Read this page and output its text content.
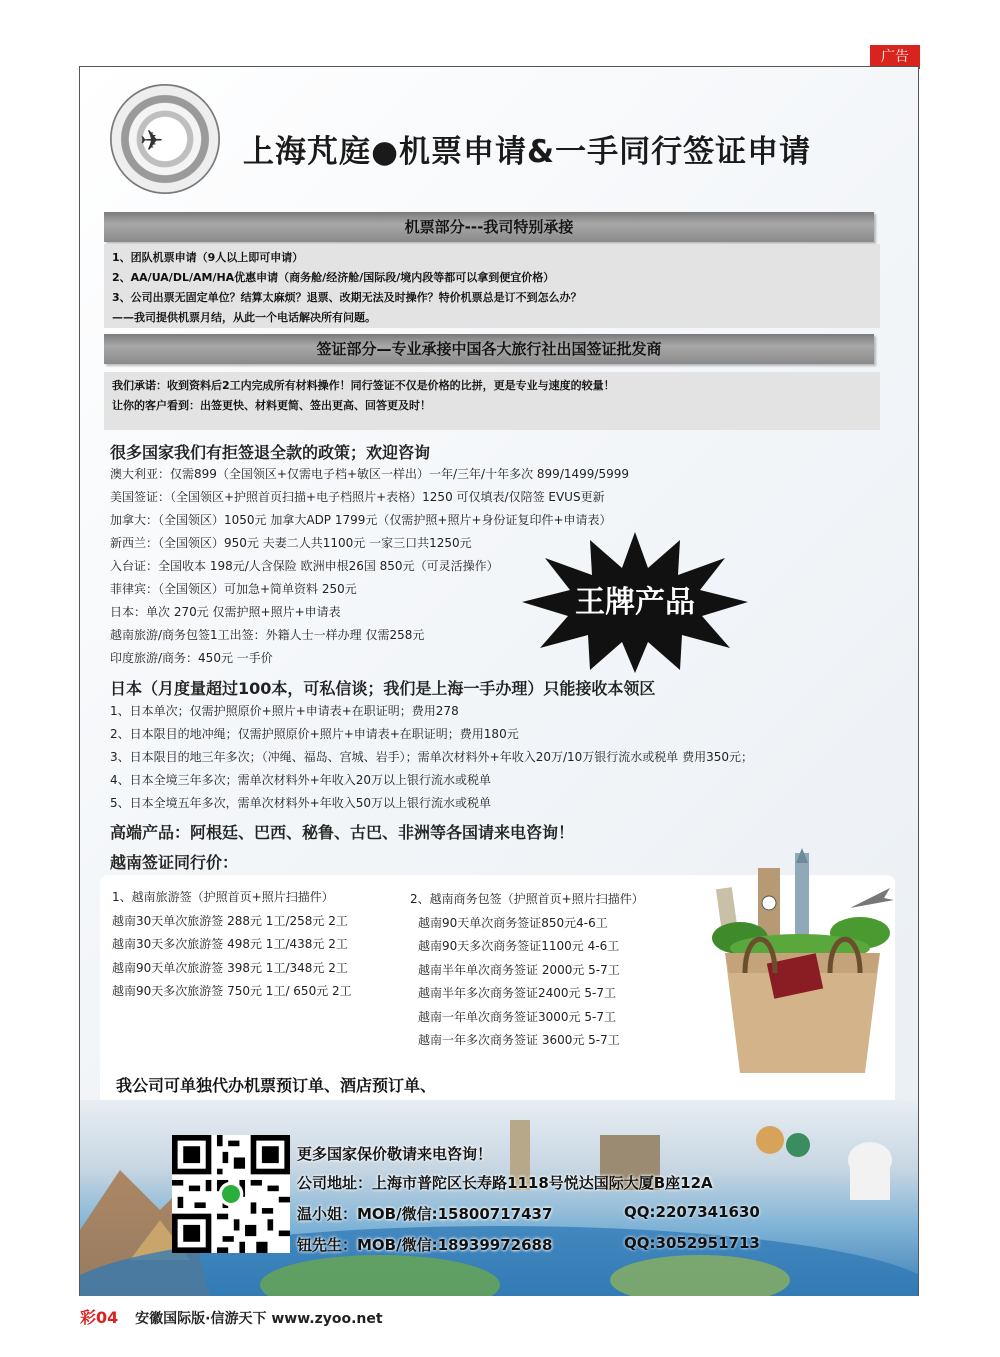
广告
✈	上海芃庭●机票申请&一手同行签证申请
机票部分---我司特别承接
1、团队机票申请（9人以上即可申请）
2、AA/UA/DL/AM/HA优惠申请（商务舱/经济舱/国际段/境内段等都可以拿到便宜价格）
3、公司出票无固定单位？结算太麻烦？退票、改期无法及时操作？特价机票总是订不到怎么办？
——我司提供机票月结，从此一个电话解决所有问题。
签证部分—专业承接中国各大旅行社出国签证批发商
我们承诺：收到资料后2工内完成所有材料操作！同行签证不仅是价格的比拼，更是专业与速度的较量！
让你的客户看到：出签更快、材料更简、签出更高、回答更及时！
很多国家我们有拒签退全款的政策；欢迎咨询
澳大利亚：仅需899（全国领区+仅需电子档+敏区一样出）一年/三年/十年多次 899/1499/5999
美国签证：（全国领区+护照首页扫描+电子档照片+表格）1250 可仅填表/仅陪签 EVUS更新
加拿大：（全国领区）1050元 加拿大ADP 1799元（仅需护照+照片+身份证复印件+申请表）
新西兰：（全国领区）950元 夫妻二人共1100元 一家三口共1250元
入台证：全国收本 198元/人含保险 欧洲申根26国 850元（可灵活操作）
菲律宾：（全国领区）可加急+简单资料 250元
日本：单次 270元 仅需护照+照片+申请表
越南旅游/商务包签1工出签：外籍人士一样办理 仅需258元
印度旅游/商务：450元 一手价
王牌产品
日本（月度量超过100本，可私信谈；我们是上海一手办理）只能接收本领区
1、日本单次；仅需护照原价+照片+申请表+在职证明；费用278
2、日本限目的地冲绳；仅需护照原价+照片+申请表+在职证明；费用180元
3、日本限目的地三年多次；（冲绳、福岛、宫城、岩手）；需单次材料外+年收入20万/10万银行流水或税单 费用350元；
4、日本全境三年多次；需单次材料外+年收入20万以上银行流水或税单
5、日本全境五年多次，需单次材料外+年收入50万以上银行流水或税单
高端产品：阿根廷、巴西、秘鲁、古巴、非洲等各国请来电咨询！
越南签证同行价：
1、越南旅游签（护照首页+照片扫描件）
越南30天单次旅游签 288元 1工/258元 2工
越南30天多次旅游签 498元 1工/438元 2工
越南90天单次旅游签 398元 1工/348元 2工
越南90天多次旅游签 750元 1工/ 650元 2工
2、越南商务包签（护照首页+照片扫描件）
越南90天单次商务签证850元4-6工
越南90天多次商务签证1100元 4-6工
越南半年单次商务签证 2000元 5-7工
越南半年多次商务签证2400元 5-7工
越南一年单次商务签证3000元 5-7工
越南一年多次商务签证 3600元 5-7工
我公司可单独代办机票预订单、酒店预订单、
更多国家保价敬请来电咨询！
公司地址：上海市普陀区长寿路1118号悦达国际大厦B座12A
温小姐：MOB/微信:15800717437	QQ:2207341630
钮先生：MOB/微信:18939972688	QQ:3052951713
彩04 安徽国际版·信游天下 www.zyoo.net
